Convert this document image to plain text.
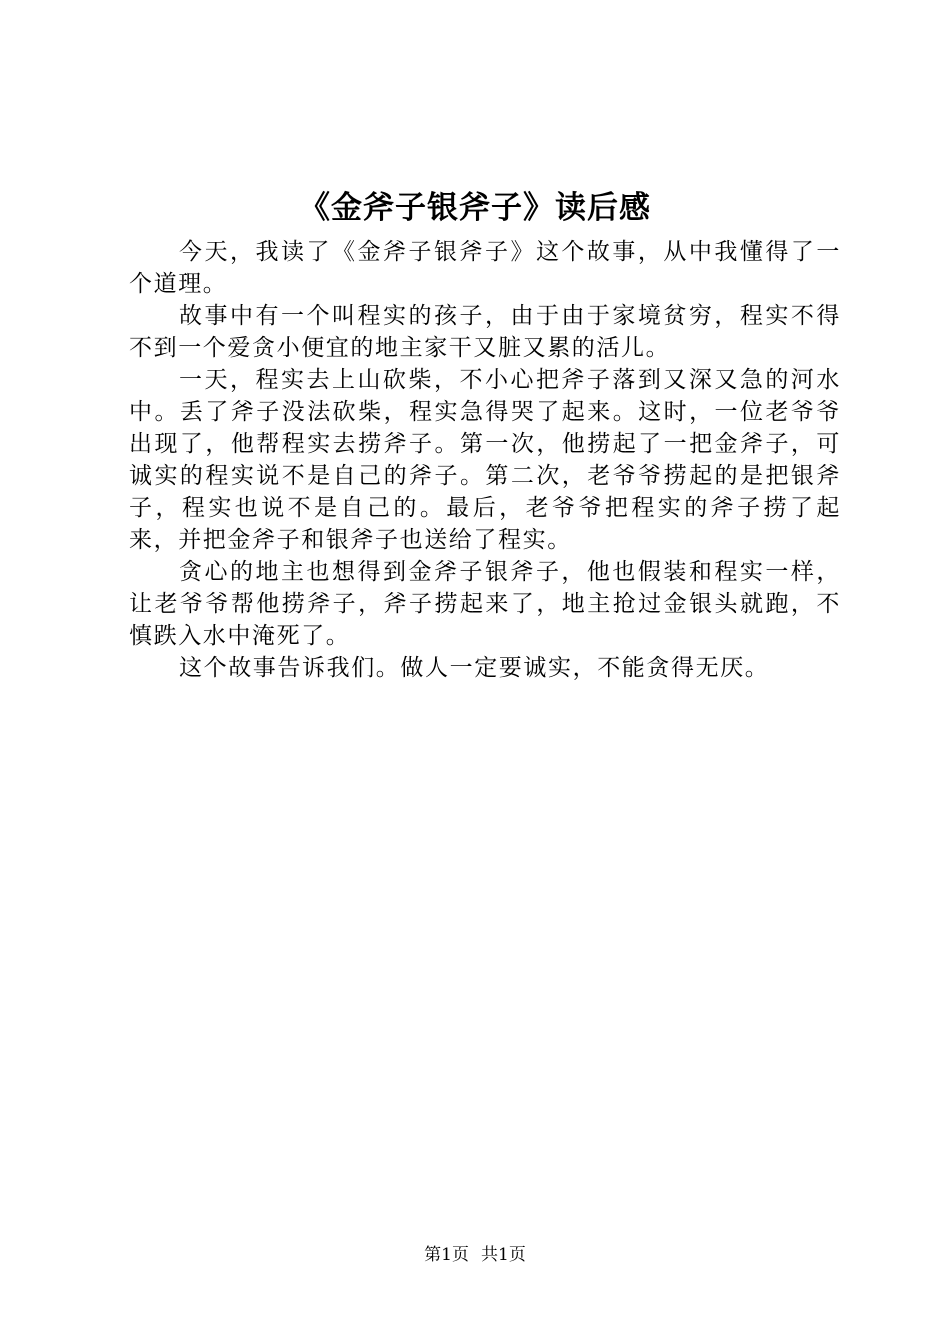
《金斧子银斧子》读后感

今天，我读了《金斧子银斧子》这个故事，从中我懂得了一个道理。

故事中有一个叫程实的孩子，由于由于家境贫穷，程实不得不到一个爱贪小便宜的地主家干又脏又累的活儿。

一天，程实去上山砍柴，不小心把斧子落到又深又急的河水中。丢了斧子没法砍柴，程实急得哭了起来。这时，一位老爷爷出现了，他帮程实去捞斧子。第一次，他捞起了一把金斧子，可诚实的程实说不是自己的斧子。第二次，老爷爷捞起的是把银斧子，程实也说不是自己的。最后，老爷爷把程实的斧子捞了起来，并把金斧子和银斧子也送给了程实。

贪心的地主也想得到金斧子银斧子，他也假装和程实一样，让老爷爷帮他捞斧子，斧子捞起来了，地主抢过金银头就跑，不慎跌入水中淹死了。

这个故事告诉我们。做人一定要诚实，不能贪得无厌。

第1页 共1页
